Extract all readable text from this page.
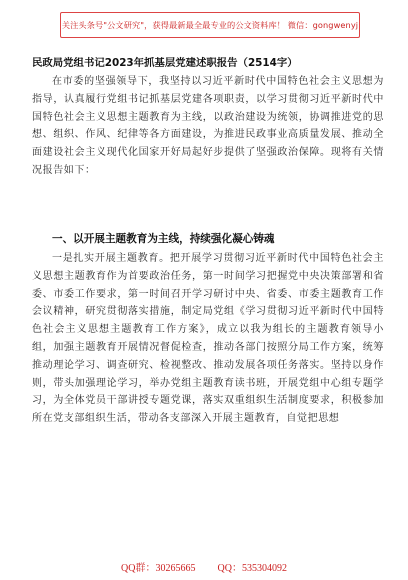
关注头条号"公文研究"，获得最新最全最专业的公文资料库！ 微信：gongwenyj
民政局党组书记2023年抓基层党建述职报告（2514字）

在市委的坚强领导下，我坚持以习近平新时代中国特色社会主义思想为指导，认真履行党组书记抓基层党建各项职责，以学习贯彻习近平新时代中国特色社会主义思想主题教育为主线，以政治建设为统领，协调推进党的思想、组织、作风、纪律等各方面建设，为推进民政事业高质量发展、推动全面建设社会主义现代化国家开好局起好步提供了坚强政治保障。现将有关情况报告如下：

一、以开展主题教育为主线，持续强化凝心铸魂

一是扎实开展主题教育。把开展学习贯彻习近平新时代中国特色社会主义思想主题教育作为首要政治任务，第一时间学习把握党中央决策部署和省委、市委工作要求，第一时间召开学习研讨中央、省委、市委主题教育工作会议精神，研究贯彻落实措施，制定局党组《学习贯彻习近平新时代中国特色社会主义思想主题教育工作方案》，成立以我为组长的主题教育领导小组，加强主题教育开展情况督促检查，推动各部门按照分局工作方案，统筹推动理论学习、调查研究、检视整改、推动发展各项任务落实。坚持以身作则，带头加强理论学习，举办党组主题教育读书班，开展党组中心组专题学习，为全体党员干部讲授专题党课，落实双重组织生活制度要求，积极参加所在党支部组织生活，带动各支部深入开展主题教育，自觉把思想

QQ群：30265665 QQ：535304092
